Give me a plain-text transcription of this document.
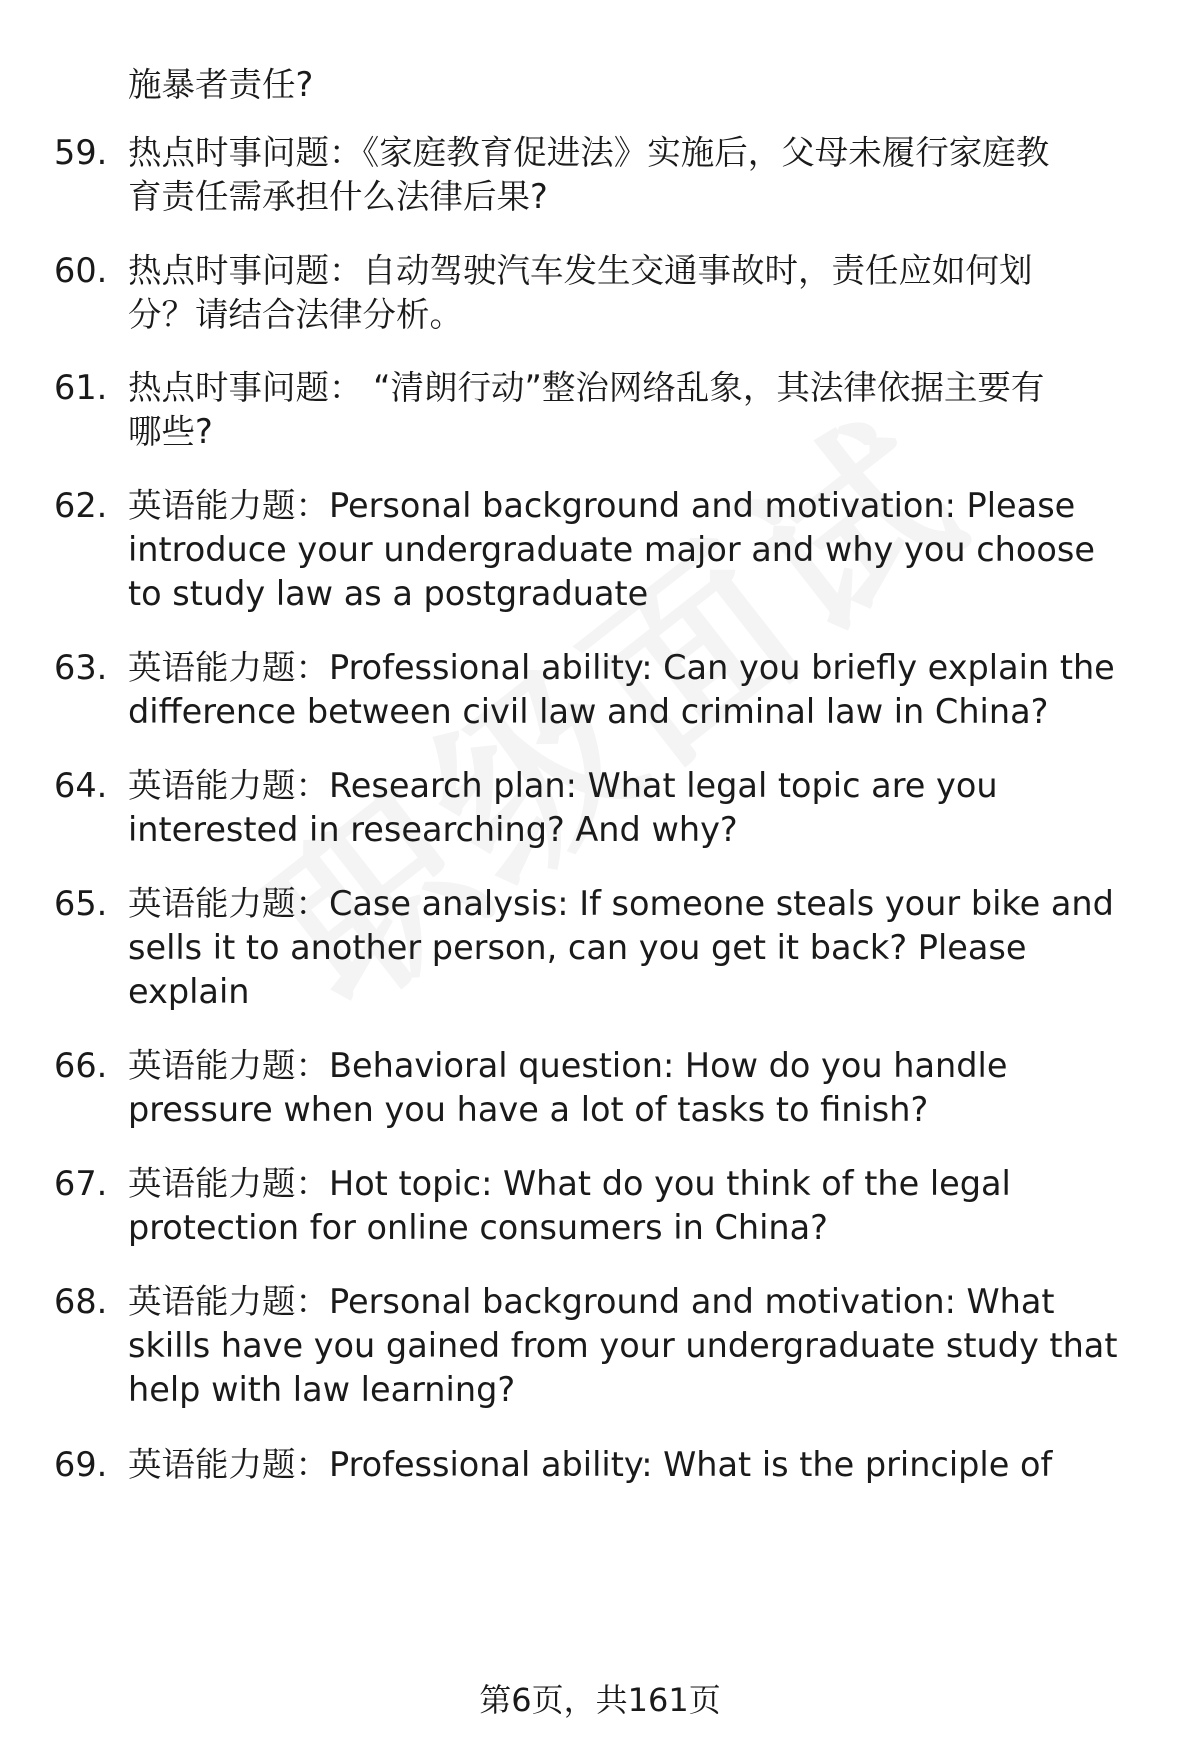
施暴者责任?
59. 热点时事问题：《家庭教育促进法》实施后，父母未履行家庭教
育责任需承担什么法律后果?
60. 热点时事问题：自动驾驶汽车发生交通事故时，责任应如何划
分？请结合法律分析。
61. 热点时事问题： “清朗行动”整治网络乱象，其法律依据主要有
哪些?
62. 英语能力题：Personal background and motivation: Please
introduce your undergraduate major and why you choose
to study law as a postgraduate
63. 英语能力题：Professional ability: Can you briefly explain the
difference between civil law and criminal law in China?
64. 英语能力题：Research plan: What legal topic are you
interested in researching? And why?
65. 英语能力题：Case analysis: If someone steals your bike and
sells it to another person, can you get it back? Please
explain
66. 英语能力题：Behavioral question: How do you handle
pressure when you have a lot of tasks to finish?
67. 英语能力题：Hot topic: What do you think of the legal
protection for online consumers in China?
68. 英语能力题：Personal background and motivation: What
skills have you gained from your undergraduate study that
help with law learning?
69. 英语能力题：Professional ability: What is the principle of
第6页，共161页
